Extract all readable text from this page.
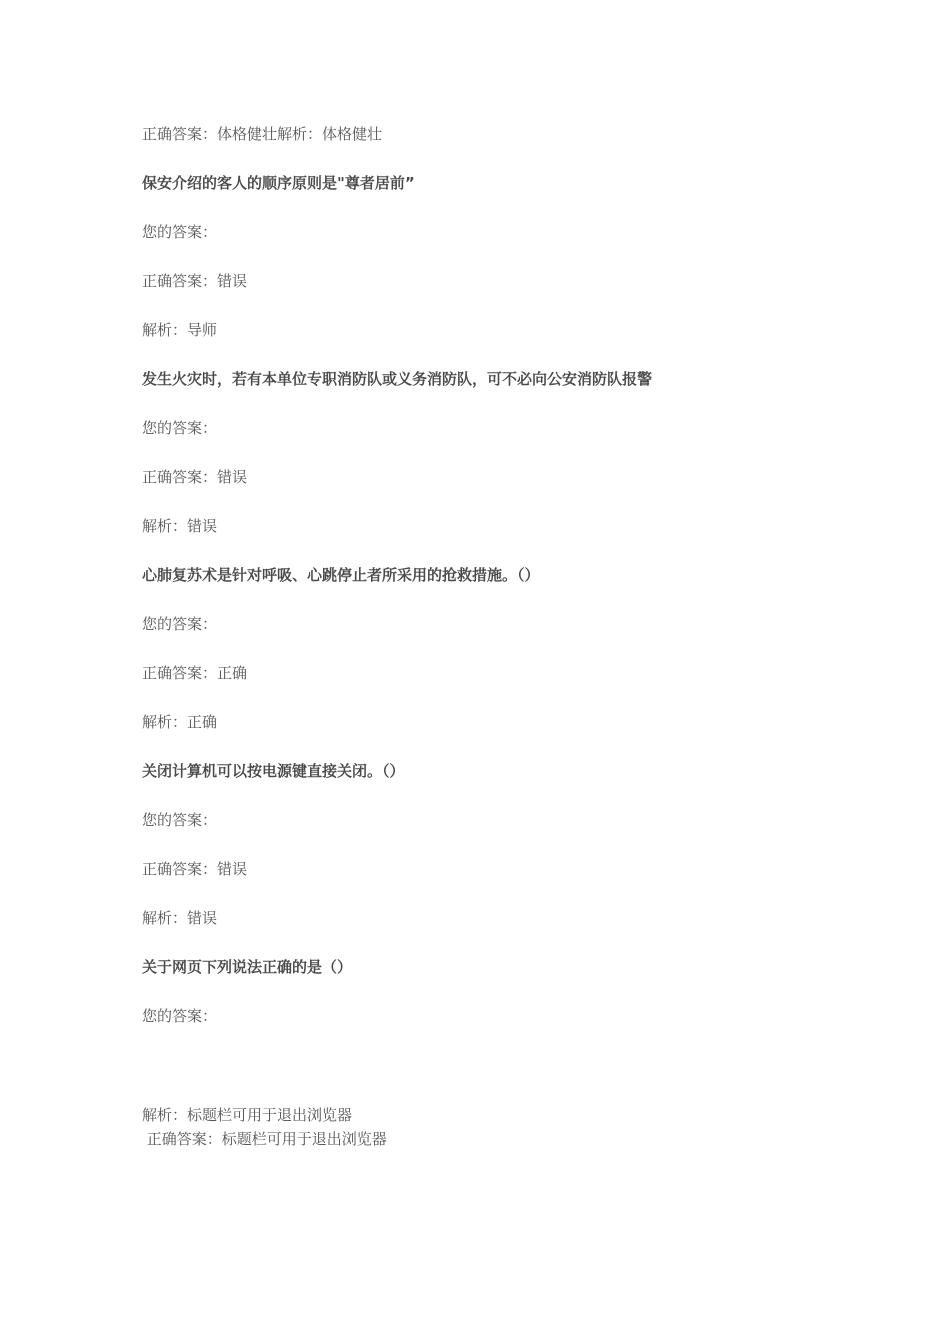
正确答案：体格健壮解析：体格健壮
保安介绍的客人的顺序原则是"尊者居前”
您的答案：
正确答案：错误
解析：导师
发生火灾时，若有本单位专职消防队或义务消防队，可不必向公安消防队报警
您的答案：
正确答案：错误
解析：错误
心肺复苏术是针对呼吸、心跳停止者所采用的抢救措施。（）
您的答案：
正确答案：正确
解析：正确
关闭计算机可以按电源键直接关闭。（）
您的答案：
正确答案：错误
解析：错误
关于网页下列说法正确的是（）
您的答案：
解析：标题栏可用于退出浏览器
正确答案：标题栏可用于退出浏览器
